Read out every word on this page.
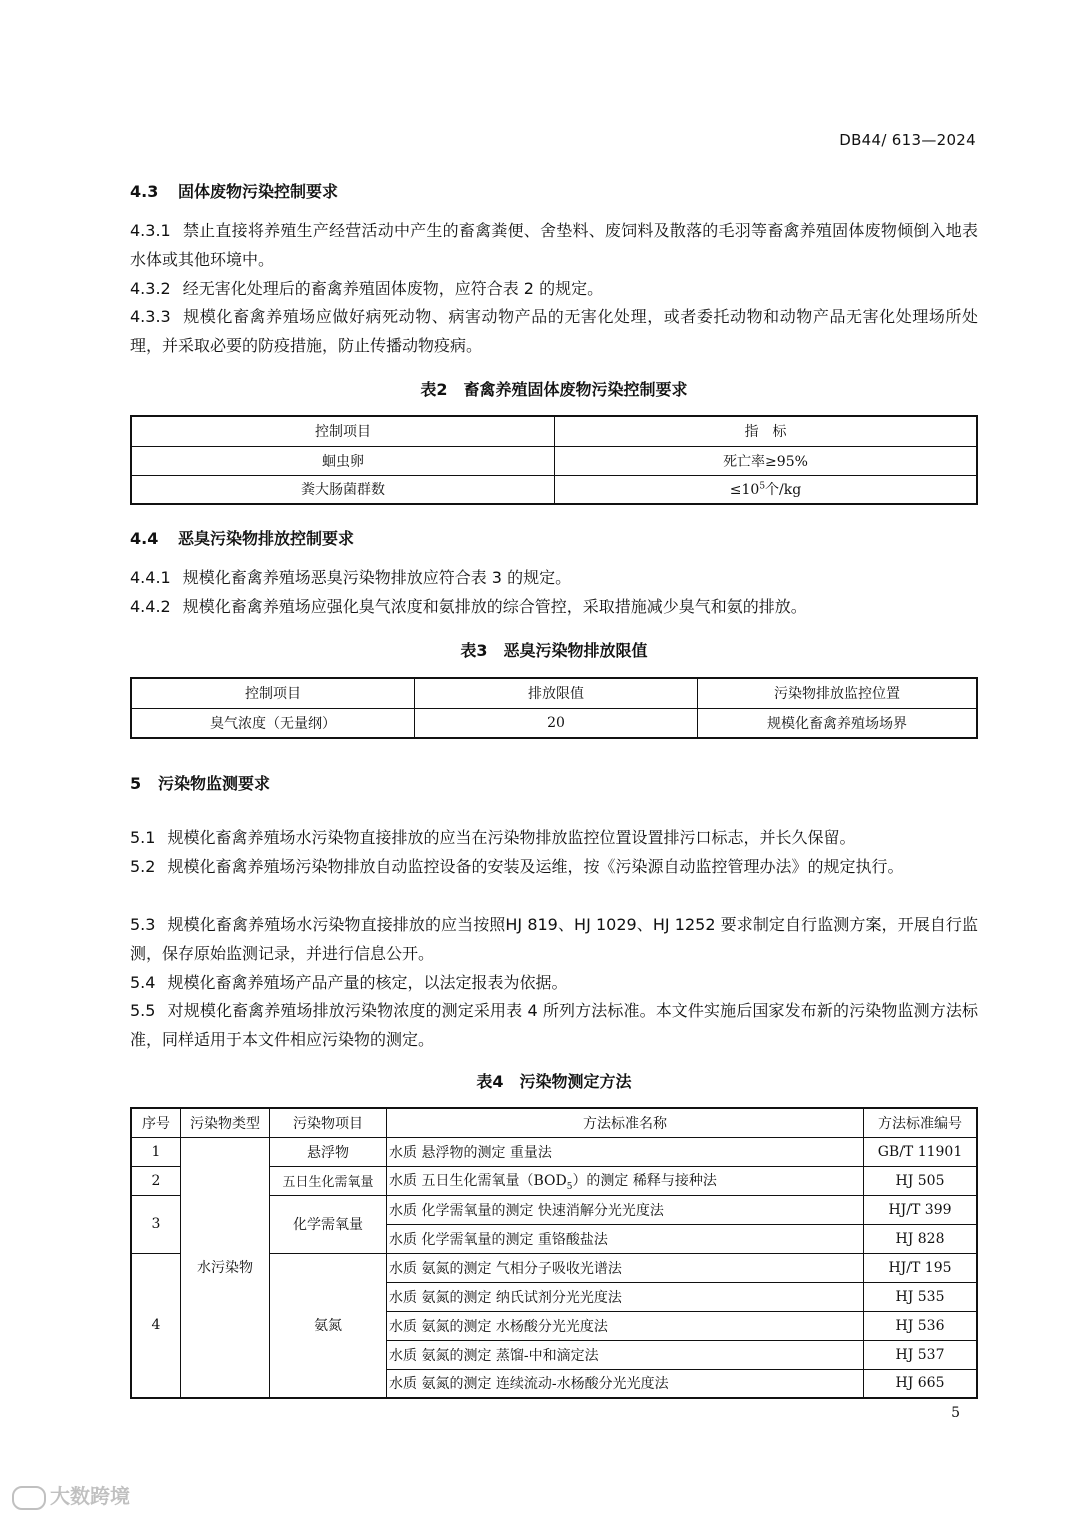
DB44/ 613—2024
4.3 固体废物污染控制要求
4.3.1 禁止直接将养殖生产经营活动中产生的畜禽粪便、舍垫料、废饲料及散落的毛羽等畜禽养殖固体废物倾倒入地表水体或其他环境中。
4.3.2 经无害化处理后的畜禽养殖固体废物，应符合表 2 的规定。
4.3.3 规模化畜禽养殖场应做好病死动物、病害动物产品的无害化处理，或者委托动物和动物产品无害化处理场所处理，并采取必要的防疫措施，防止传播动物疫病。
表2　畜禽养殖固体废物污染控制要求
控制项目	指　标
蛔虫卵	死亡率≥95%
粪大肠菌群数	$\le 10^5$个/kg
4.4 恶臭污染物排放控制要求
4.4.1 规模化畜禽养殖场恶臭污染物排放应符合表 3 的规定。
4.4.2 规模化畜禽养殖场应强化臭气浓度和氨排放的综合管控，采取措施减少臭气和氨的排放。
表3　恶臭污染物排放限值
控制项目	排放限值	污染物排放监控位置
臭气浓度（无量纲）	20	规模化畜禽养殖场场界
5 污染物监测要求
5.1 规模化畜禽养殖场水污染物直接排放的应当在污染物排放监控位置设置排污口标志，并长久保留。
5.2 规模化畜禽养殖场污染物排放自动监控设备的安装及运维，按《污染源自动监控管理办法》的规定执行。
5.3 规模化畜禽养殖场水污染物直接排放的应当按照HJ 819、HJ 1029、HJ 1252 要求制定自行监测方案，开展自行监测，保存原始监测记录，并进行信息公开。
5.4 规模化畜禽养殖场产品产量的核定，以法定报表为依据。
5.5 对规模化畜禽养殖场排放污染物浓度的测定采用表 4 所列方法标准。本文件实施后国家发布新的污染物监测方法标准，同样适用于本文件相应污染物的测定。
表4　污染物测定方法
序号	污染物类型	污染物项目	方法标准名称	方法标准编号
1	水污染物	悬浮物	水质 悬浮物的测定 重量法	GB/T 11901
2		五日生化需氧量	水质 五日生化需氧量$(BOD_5)$的测定 稀释与接种法	HJ 505
3		化学需氧量	水质 化学需氧量的测定 快速消解分光光度法	HJ/T 399
			水质 化学需氧量的测定 重铬酸盐法	HJ 828
4		氨氮	水质 氨氮的测定 气相分子吸收光谱法	HJ/T 195
			水质 氨氮的测定 纳氏试剂分光光度法	HJ 535
			水质 氨氮的测定 水杨酸分光光度法	HJ 536
			水质 氨氮的测定 蒸馏-中和滴定法	HJ 537
			水质 氨氮的测定 连续流动-水杨酸分光光度法	HJ 665
5
大数跨境
